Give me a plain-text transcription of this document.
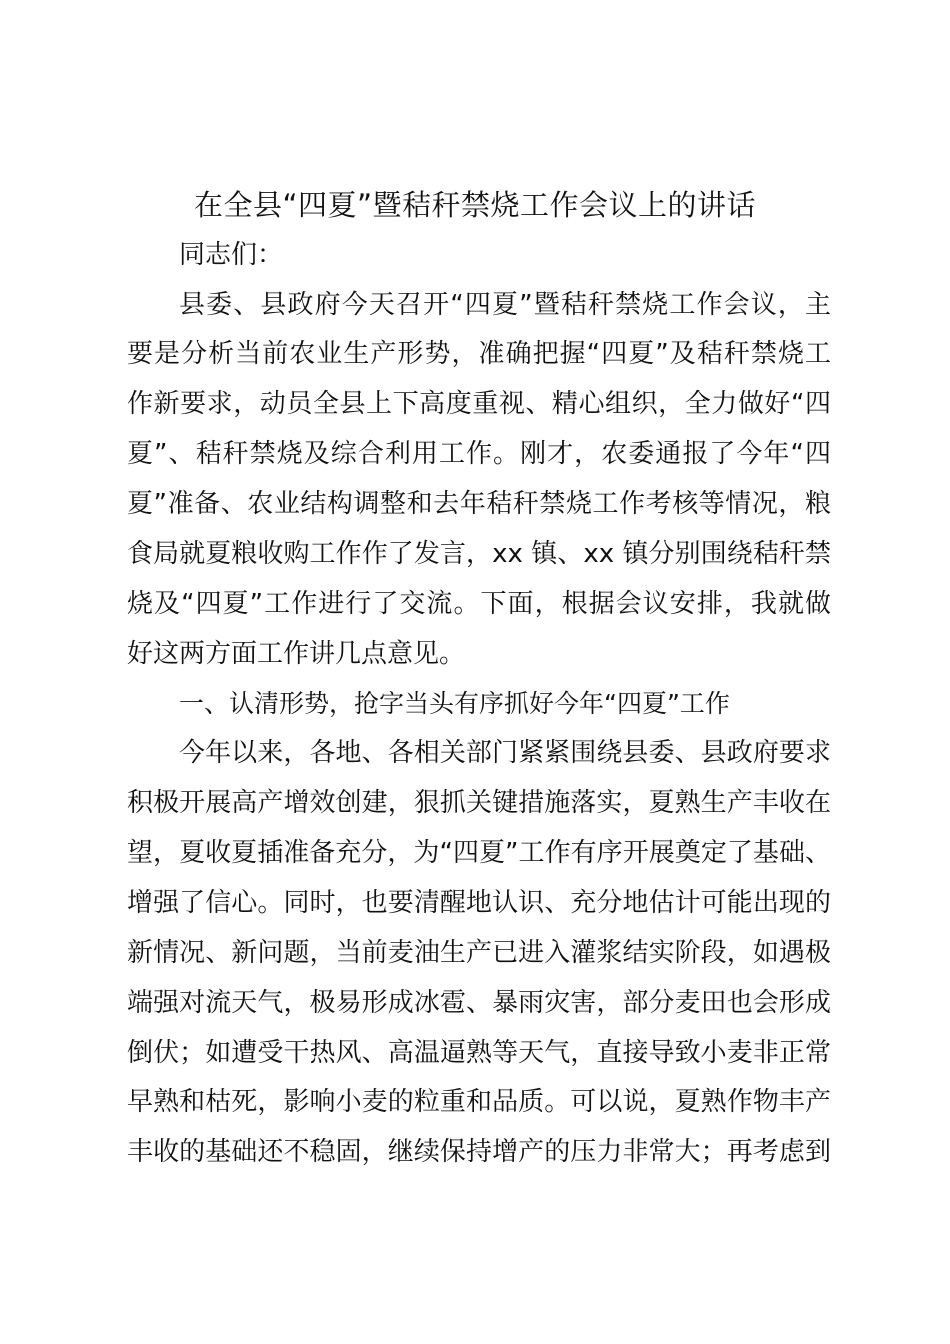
在全县“四夏”暨秸秆禁烧工作会议上的讲话
同志们：
县委、县政府今天召开“四夏”暨秸秆禁烧工作会议，主
要是分析当前农业生产形势，准确把握“四夏”及秸秆禁烧工
作新要求，动员全县上下高度重视、精心组织，全力做好“四
夏”、秸秆禁烧及综合利用工作。刚才，农委通报了今年“四
夏”准备、农业结构调整和去年秸秆禁烧工作考核等情况，粮
食局就夏粮收购工作作了发言，xx 镇、xx 镇分别围绕秸秆禁
烧及“四夏”工作进行了交流。下面，根据会议安排，我就做
好这两方面工作讲几点意见。
一、认清形势，抢字当头有序抓好今年“四夏”工作
今年以来，各地、各相关部门紧紧围绕县委、县政府要求
积极开展高产增效创建，狠抓关键措施落实，夏熟生产丰收在
望，夏收夏插准备充分，为“四夏”工作有序开展奠定了基础、
增强了信心。同时，也要清醒地认识、充分地估计可能出现的
新情况、新问题，当前麦油生产已进入灌浆结实阶段，如遇极
端强对流天气，极易形成冰雹、暴雨灾害，部分麦田也会形成
倒伏；如遭受干热风、高温逼熟等天气，直接导致小麦非正常
早熟和枯死，影响小麦的粒重和品质。可以说，夏熟作物丰产
丰收的基础还不稳固，继续保持增产的压力非常大；再考虑到
